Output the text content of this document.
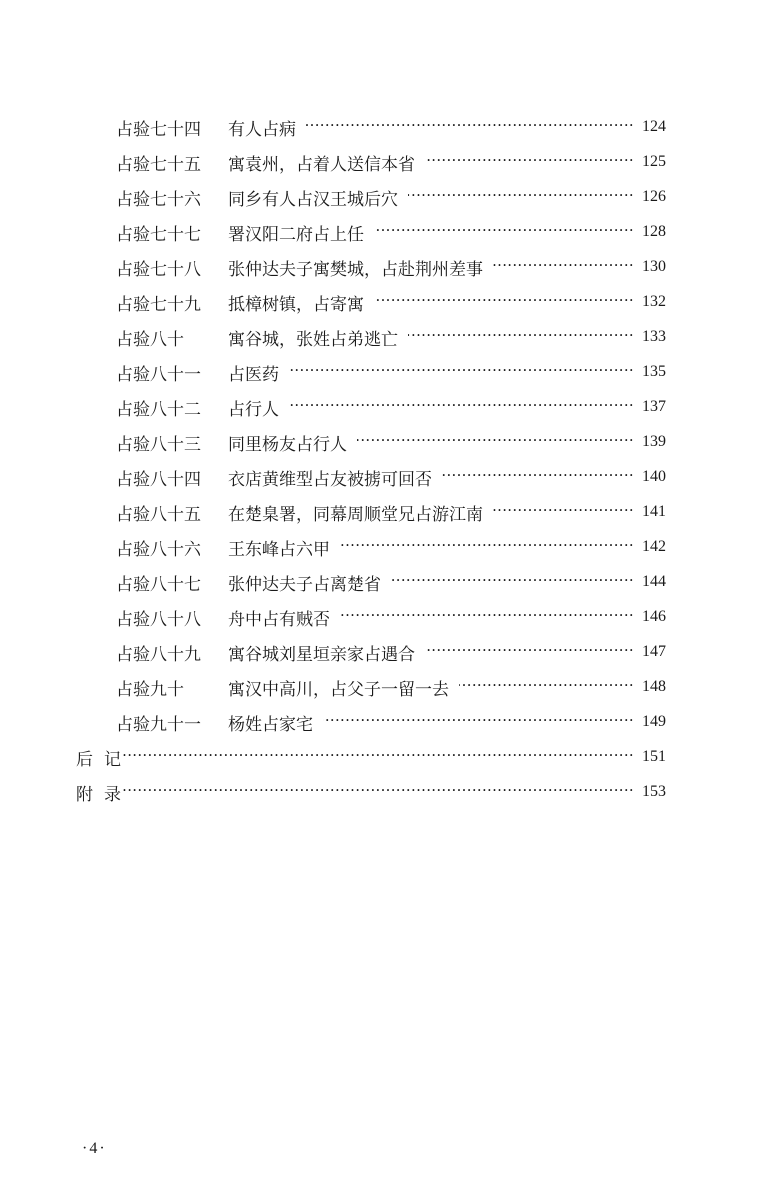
占验七十四	有人占病 ·····	124
占验七十五	寓袁州，占着人送信本省 ·····	125
占验七十六	同乡有人占汉王城后穴 ·····	126
占验七十七	署汉阳二府占上任 ·····	128
占验七十八	张仲达夫子寓樊城，占赴荆州差事 ·····	130
占验七十九	抵樟树镇，占寄寓 ·····	132
占验八十	寓谷城，张姓占弟逃亡 ·····	133
占验八十一	占医药 ·····	135
占验八十二	占行人 ·····	137
占验八十三	同里杨友占行人 ·····	139
占验八十四	衣店黄维型占友被掳可回否 ·····	140
占验八十五	在楚臬署，同幕周顺堂兄占游江南 ·····	141
占验八十六	王东峰占六甲 ·····	142
占验八十七	张仲达夫子占离楚省 ·····	144
占验八十八	舟中占有贼否 ·····	146
占验八十九	寓谷城刘星垣亲家占遇合 ·····	147
占验九十	寓汉中高川，占父子一留一去 ·····	148
占验九十一	杨姓占家宅 ·····	149
后 记 ·····	151
附 录 ·····	153
·4·
